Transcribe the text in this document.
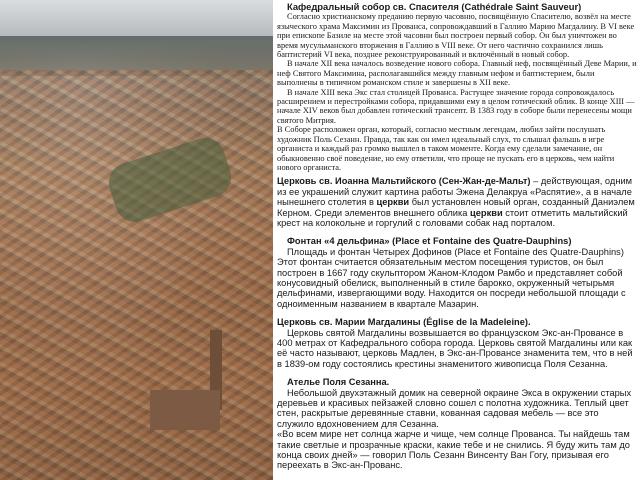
Кафедральный собор св. Спасителя (Cathédrale Saint Sauveur)

Согласно христианскому преданию первую часовню, посвящённую Спасителю, возвёл на месте языческого храма Максимин из Прованса, сопровождавший в Галлию Марию Магдалину. В VI веке при епископе Базиле на месте этой часовни был построен первый собор. Он был уничтожен во время мусульманского вторжения в Галлию в VIII веке. От него частично сохранился лишь баптистерий VI века, позднее реконструированный и включённый в новый собор.

В начале XII века началось возведение нового собора. Главный неф, посвящённый Деве Марии, и неф Святого Максимина, располагавшийся между главным нефом и баптистерием, были выполнены в типичном романском стиле и завершены в XII веке.

В начале XIII века Экс стал столицей Прованса. Растущее значение города сопровождалось расширением и перестройками собора, придавшими ему в целом готический облик. В конце XIII — начале XIV веков был добавлен готический трансепт. В 1383 году в соборе были перенесены мощи святого Митрия.

В Соборе расположен орган, который, согласно местным легендам, любил зайти послушать художник Поль Сезанн. Правда, так как он имел идеальный слух, то слышал фальшь в игре органиста и каждый раз громко вышлел в таком моменте. Когда ему сделали замечание, он обыкновенно своё поведение, но ему ответили, что проще не пускать его в церковь, чем найти нового органиста.

Церковь св. Иоанна Мальтийского (Сен-Жан-де-Мальт) – действующая, одним из ее украшений служит картина работы Эжена Делакруа «Распятие», а в начале нынешнего столетия в церкви был установлен новый орган, созданный Даниэлем Керном. Среди элементов внешнего облика церкви стоит отметить мальтийский крест на колокольне и горгулий с головами собак над порталом.

Фонтан «4 дельфина» (Place et Fontaine des Quatre-Dauphins)

Площадь и фонтан Четырех Дофинов (Place et Fontaine des Quatre-Dauphins)

Этот фонтан считается обязательным местом посещения туристов, он был построен в 1667 году скульптором Жаном-Клодом Рамбо и представляет собой конусовидный обелиск, выполненный в стиле барокко, окруженный четырьмя дельфинами, извергающими воду. Находится он посреди небольшой площади с одноименным названием в квартале Мазарин.

Церковь св. Марии Магдалины (Église de la Madeleine).

Церковь святой Магдалины возвышается во французском Экс-ан-Провансе в 400 метрах от Кафедрального собора города. Церковь святой Магдалины или как её часто называют, церковь Мадлен, в Экс-ан-Провансе знаменита тем, что в ней в 1839-ом году состоялись крестины знаменитого живописца Поля Сезанна.

Ателье Поля Сезанна.

Небольшой двухэтажный домик на северной окраине Экса в окружении старых деревьев и красивых пейзажей словно сошел с полотна художника. Теплый цвет стен, раскрытые деревянные ставни, кованная садовая мебель — все это служило вдохновением для Сезанна.

«Во всем мире нет солнца жарче и чище, чем солнце Прованса. Ты найдешь там такие светлые и прозрачные краски, какие тебе и не снились. Я буду жить там до конца своих дней» — говорил Поль Сезанн Винсенту Ван Гогу, призывая его переехать в Экс-ан-Прованс.
